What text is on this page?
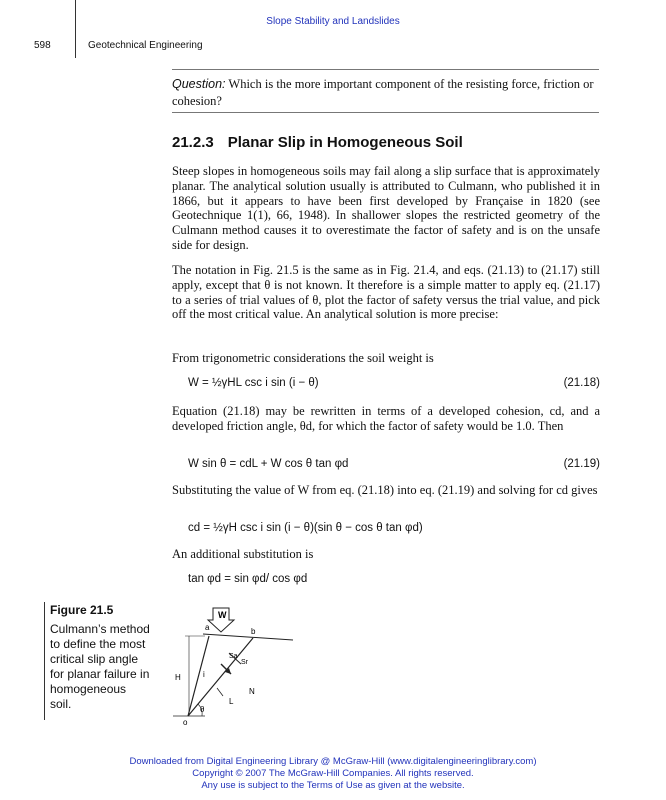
Slope Stability and Landslides
598	Geotechnical Engineering
Question: Which is the more important component of the resisting force, friction or cohesion?
21.2.3 Planar Slip in Homogeneous Soil
Steep slopes in homogeneous soils may fail along a slip surface that is approximately planar. The analytical solution usually is attributed to Culmann, who published it in 1866, but it appears to have been first developed by Française in 1820 (see Geotechnique 1(1), 66, 1948). In shallower slopes the restricted geometry of the Culmann method causes it to overestimate the factor of safety and is on the unsafe side for design.
The notation in Fig. 21.5 is the same as in Fig. 21.4, and eqs. (21.13) to (21.17) still apply, except that θ is not known. It therefore is a simple matter to apply eq. (21.17) to a series of trial values of θ, plot the factor of safety versus the trial value, and pick off the most critical value. An analytical solution is more precise:
From trigonometric considerations the soil weight is
W = ½γHL csc i sin (i − θ)	(21.18)
Equation (21.18) may be rewritten in terms of a developed cohesion, cd, and a developed friction angle, θd, for which the factor of safety would be 1.0. Then
W sin θ = cdL + W cos θ tan φd	(21.19)
Substituting the value of W from eq. (21.18) into eq. (21.19) and solving for cd gives
cd = ½γH csc i sin (i − θ)(sin θ − cos θ tan φd)
An additional substitution is
tan φd = sin φd/ cos φd
Figure 21.5
Culmann’s method to define the most critical slip angle for planar failure in homogeneous soil.
W
a	b
H	i
Sa
Sr
N
L
θ
o
Downloaded from Digital Engineering Library @ McGraw-Hill (www.digitalengineeringlibrary.com)
Copyright © 2007 The McGraw-Hill Companies. All rights reserved.
Any use is subject to the Terms of Use as given at the website.
